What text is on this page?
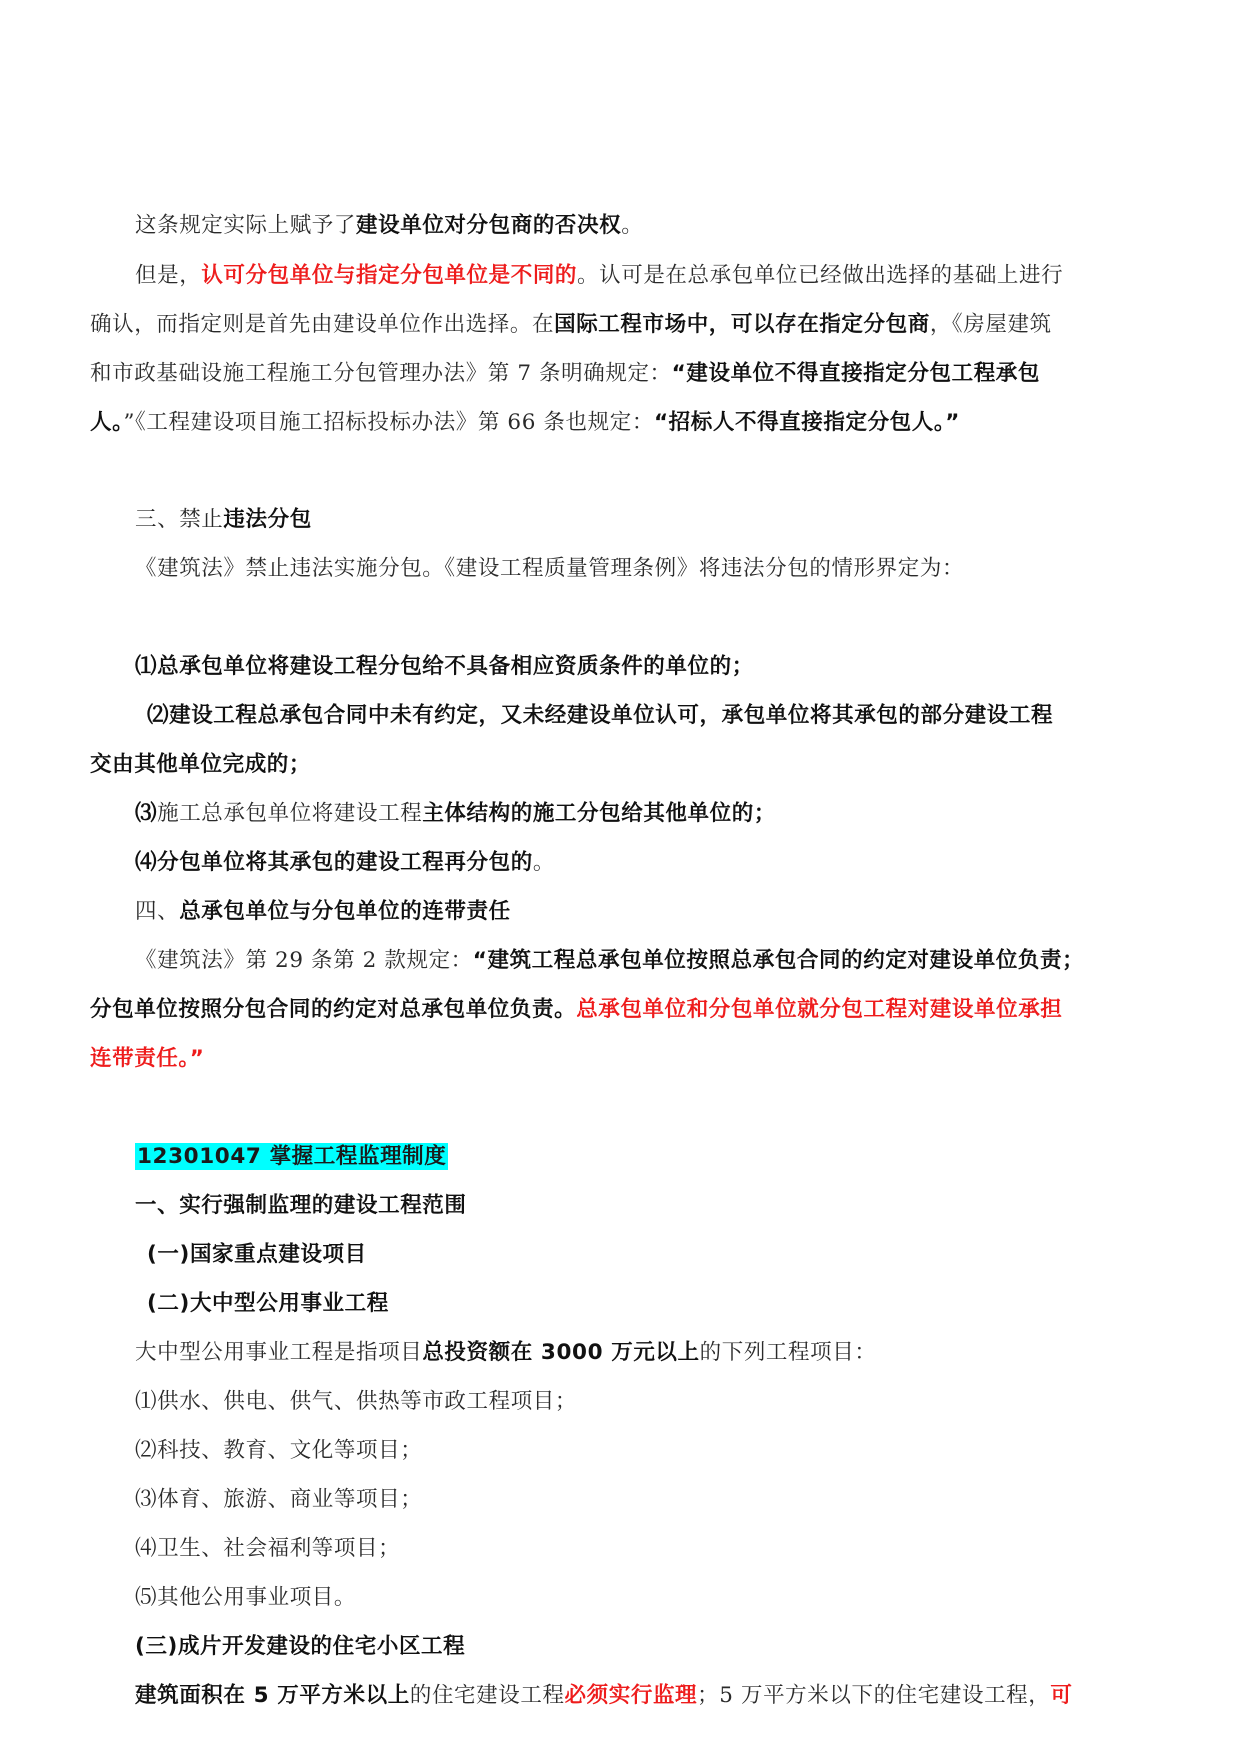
这条规定实际上赋予了建设单位对分包商的否决权。
但是，认可分包单位与指定分包单位是不同的。认可是在总承包单位已经做出选择的基础上进行
确认，而指定则是首先由建设单位作出选择。在国际工程市场中，可以存在指定分包商，《房屋建筑
和市政基础设施工程施工分包管理办法》第 7 条明确规定：“建设单位不得直接指定分包工程承包
人。”《工程建设项目施工招标投标办法》第 66 条也规定：“招标人不得直接指定分包人。”
三、禁止违法分包
《建筑法》禁止违法实施分包。《建设工程质量管理条例》将违法分包的情形界定为：
⑴总承包单位将建设工程分包给不具备相应资质条件的单位的；
⑵建设工程总承包合同中未有约定，又未经建设单位认可，承包单位将其承包的部分建设工程
交由其他单位完成的；
⑶施工总承包单位将建设工程主体结构的施工分包给其他单位的；
⑷分包单位将其承包的建设工程再分包的。
四、总承包单位与分包单位的连带责任
《建筑法》第 29 条第 2 款规定：“建筑工程总承包单位按照总承包合同的约定对建设单位负责；
分包单位按照分包合同的约定对总承包单位负责。总承包单位和分包单位就分包工程对建设单位承担
连带责任。”
12301047 掌握工程监理制度
一、实行强制监理的建设工程范围
(一)国家重点建设项目
(二)大中型公用事业工程
大中型公用事业工程是指项目总投资额在 3000 万元以上的下列工程项目：
⑴供水、供电、供气、供热等市政工程项目；
⑵科技、教育、文化等项目；
⑶体育、旅游、商业等项目；
⑷卫生、社会福利等项目；
⑸其他公用事业项目。
(三)成片开发建设的住宅小区工程
建筑面积在 5 万平方米以上的住宅建设工程必须实行监理；5 万平方米以下的住宅建设工程，可
